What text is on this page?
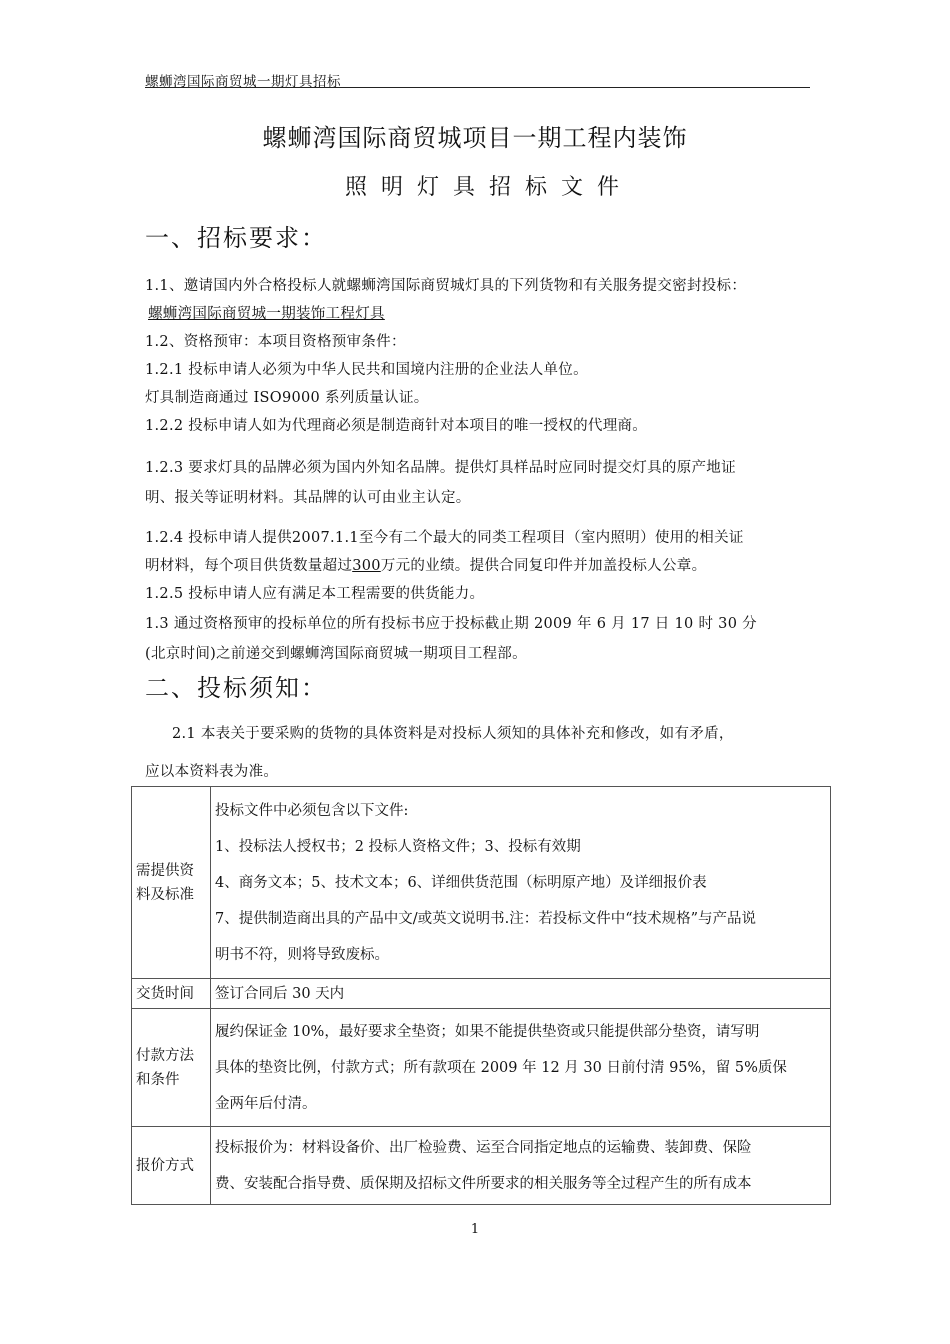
螺蛳湾国际商贸城一期灯具招标
螺蛳湾国际商贸城项目一期工程内装饰
照明灯具招标文件
一、招标要求：
1.1、邀请国内外合格投标人就螺蛳湾国际商贸城灯具的下列货物和有关服务提交密封投标：
螺蛳湾国际商贸城一期装饰工程灯具
1.2、资格预审：本项目资格预审条件：
1.2.1 投标申请人必须为中华人民共和国境内注册的企业法人单位。
灯具制造商通过 ISO9000 系列质量认证。
1.2.2 投标申请人如为代理商必须是制造商针对本项目的唯一授权的代理商。
1.2.3 要求灯具的品牌必须为国内外知名品牌。提供灯具样品时应同时提交灯具的原产地证
明、报关等证明材料。其品牌的认可由业主认定。
1.2.4 投标申请人提供2007.1.1至今有二个最大的同类工程项目（室内照明）使用的相关证
明材料，每个项目供货数量超过300万元的业绩。提供合同复印件并加盖投标人公章。
1.2.5 投标申请人应有满足本工程需要的供货能力。
1.3 通过资格预审的投标单位的所有投标书应于投标截止期 2009 年 6 月 17 日 10 时 30 分
(北京时间)之前递交到螺蛳湾国际商贸城一期项目工程部。
二、投标须知：
2.1 本表关于要采购的货物的具体资料是对投标人须知的具体补充和修改，如有矛盾，
应以本资料表为准。
需提供资料及标准	投标文件中必须包含以下文件:
1、投标法人授权书；2 投标人资格文件；3、投标有效期
4、商务文本；5、技术文本；6、详细供货范围（标明原产地）及详细报价表
7、提供制造商出具的产品中文/或英文说明书.注：若投标文件中“技术规格”与产品说
明书不符，则将导致废标。

交货时间	签订合同后 30 天内

付款方法和条件	履约保证金 10%，最好要求全垫资；如果不能提供垫资或只能提供部分垫资，请写明
具体的垫资比例，付款方式；所有款项在 2009 年 12 月 30 日前付清 95%，留 5%质保
金两年后付清。

报价方式	投标报价为：材料设备价、出厂检验费、运至合同指定地点的运输费、装卸费、保险
费、安装配合指导费、质保期及招标文件所要求的相关服务等全过程产生的所有成本
1
